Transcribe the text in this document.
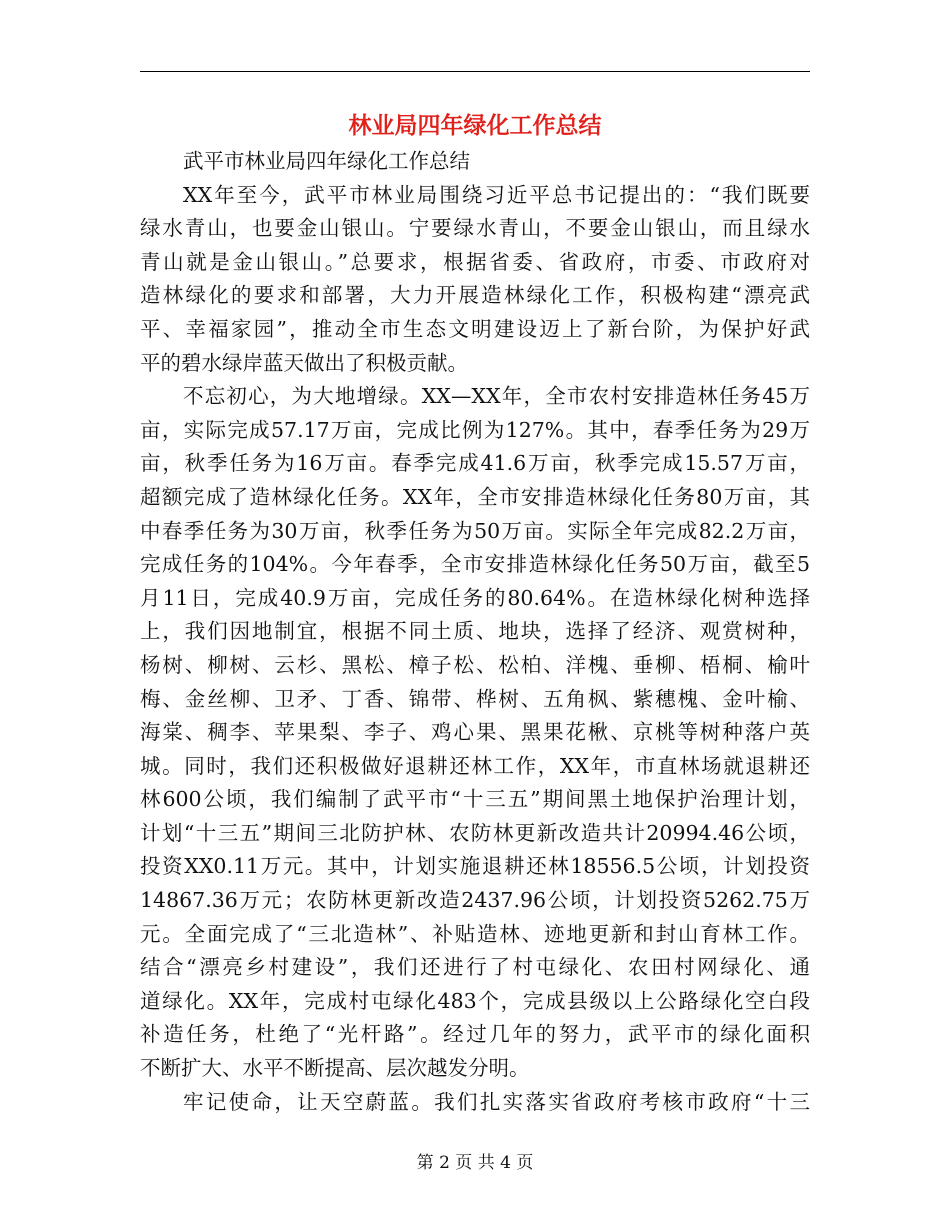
林业局四年绿化工作总结
武平市林业局四年绿化工作总结
XX年至今，武平市林业局围绕习近平总书记提出的：“我们既要
绿水青山，也要金山银山。宁要绿水青山，不要金山银山，而且绿水
青山就是金山银山。”总要求，根据省委、省政府，市委、市政府对
造林绿化的要求和部署，大力开展造林绿化工作，积极构建“漂亮武
平、幸福家园”，推动全市生态文明建设迈上了新台阶，为保护好武
平的碧水绿岸蓝天做出了积极贡献。
不忘初心，为大地增绿。XX—XX年，全市农村安排造林任务45万
亩，实际完成57.17万亩，完成比例为127%。其中，春季任务为29万
亩，秋季任务为16万亩。春季完成41.6万亩，秋季完成15.57万亩，
超额完成了造林绿化任务。XX年，全市安排造林绿化任务80万亩，其
中春季任务为30万亩，秋季任务为50万亩。实际全年完成82.2万亩，
完成任务的104%。今年春季，全市安排造林绿化任务50万亩，截至5
月11日，完成40.9万亩，完成任务的80.64%。在造林绿化树种选择
上，我们因地制宜，根据不同土质、地块，选择了经济、观赏树种，
杨树、柳树、云杉、黑松、樟子松、松柏、洋槐、垂柳、梧桐、榆叶
梅、金丝柳、卫矛、丁香、锦带、桦树、五角枫、紫穗槐、金叶榆、
海棠、稠李、苹果梨、李子、鸡心果、黑果花楸、京桃等树种落户英
城。同时，我们还积极做好退耕还林工作，XX年，市直林场就退耕还
林600公顷，我们编制了武平市“十三五”期间黑土地保护治理计划，
计划“十三五”期间三北防护林、农防林更新改造共计20994.46公顷，
投资XX0.11万元。其中，计划实施退耕还林18556.5公顷，计划投资
14867.36万元；农防林更新改造2437.96公顷，计划投资5262.75万
元。全面完成了“三北造林”、补贴造林、迹地更新和封山育林工作。
结合“漂亮乡村建设”，我们还进行了村屯绿化、农田村网绿化、通
道绿化。XX年，完成村屯绿化483个，完成县级以上公路绿化空白段
补造任务，杜绝了“光杆路”。经过几年的努力，武平市的绿化面积
不断扩大、水平不断提高、层次越发分明。
牢记使命，让天空蔚蓝。我们扎实落实省政府考核市政府“十三
第 2 页 共 4 页
